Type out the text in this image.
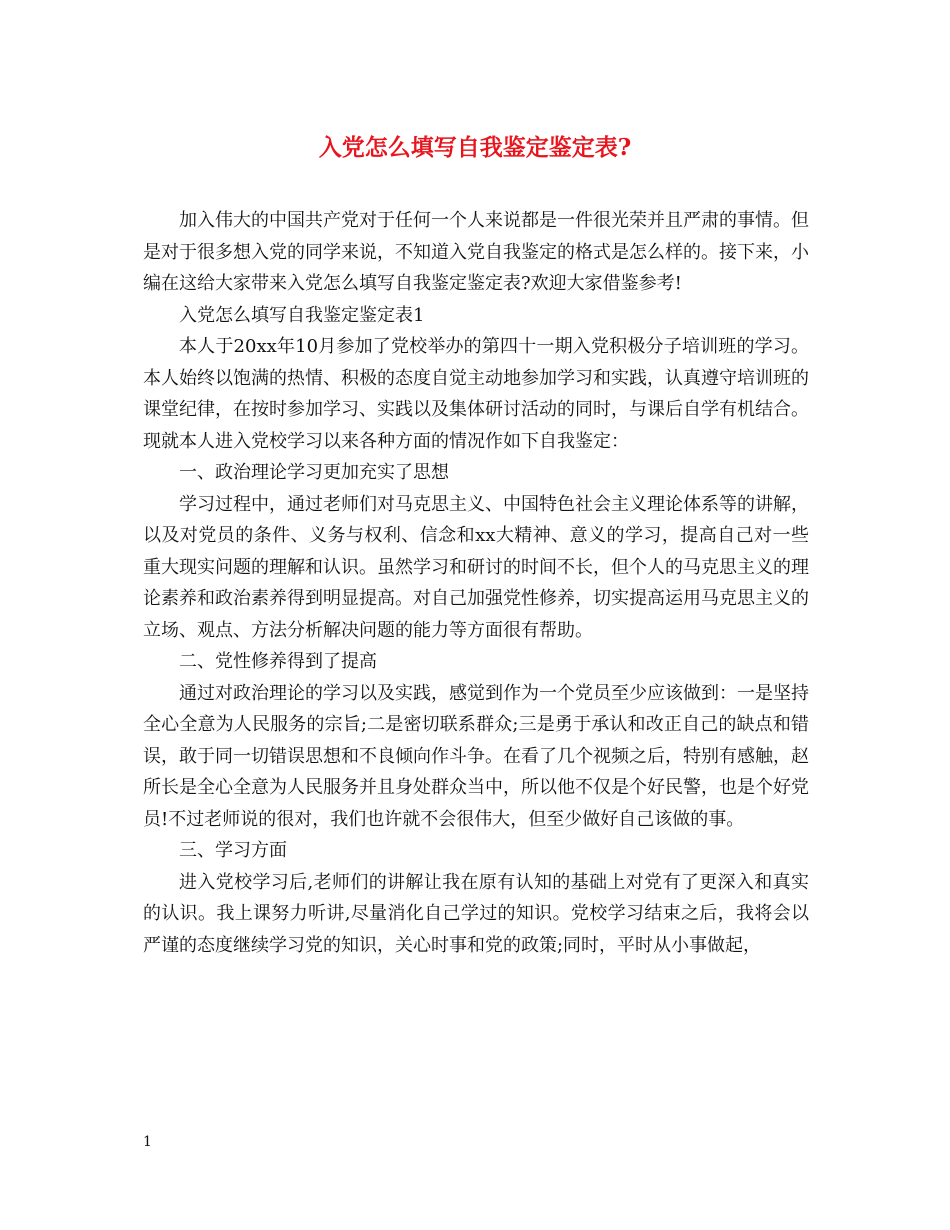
入党怎么填写自我鉴定鉴定表?

加入伟大的中国共产党对于任何一个人来说都是一件很光荣并且严肃的事情。但是对于很多想入党的同学来说，不知道入党自我鉴定的格式是怎么样的。接下来，小编在这给大家带来入党怎么填写自我鉴定鉴定表?欢迎大家借鉴参考!

入党怎么填写自我鉴定鉴定表1

本人于20xx年10月参加了党校举办的第四十一期入党积极分子培训班的学习。本人始终以饱满的热情、积极的态度自觉主动地参加学习和实践，认真遵守培训班的课堂纪律，在按时参加学习、实践以及集体研讨活动的同时，与课后自学有机结合。现就本人进入党校学习以来各种方面的情况作如下自我鉴定：

一、政治理论学习更加充实了思想

学习过程中，通过老师们对马克思主义、中国特色社会主义理论体系等的讲解，以及对党员的条件、义务与权利、信念和xx大精神、意义的学习，提高自己对一些重大现实问题的理解和认识。虽然学习和研讨的时间不长，但个人的马克思主义的理论素养和政治素养得到明显提高。对自己加强党性修养，切实提高运用马克思主义的立场、观点、方法分析解决问题的能力等方面很有帮助。

二、党性修养得到了提高

通过对政治理论的学习以及实践，感觉到作为一个党员至少应该做到：一是坚持全心全意为人民服务的宗旨;二是密切联系群众;三是勇于承认和改正自己的缺点和错误，敢于同一切错误思想和不良倾向作斗争。在看了几个视频之后，特别有感触，赵所长是全心全意为人民服务并且身处群众当中，所以他不仅是个好民警，也是个好党员!不过老师说的很对，我们也许就不会很伟大，但至少做好自己该做的事。

三、学习方面

进入党校学习后,老师们的讲解让我在原有认知的基础上对党有了更深入和真实的认识。我上课努力听讲,尽量消化自己学过的知识。党校学习结束之后，我将会以严谨的态度继续学习党的知识，关心时事和党的政策;同时，平时从小事做起，

1
